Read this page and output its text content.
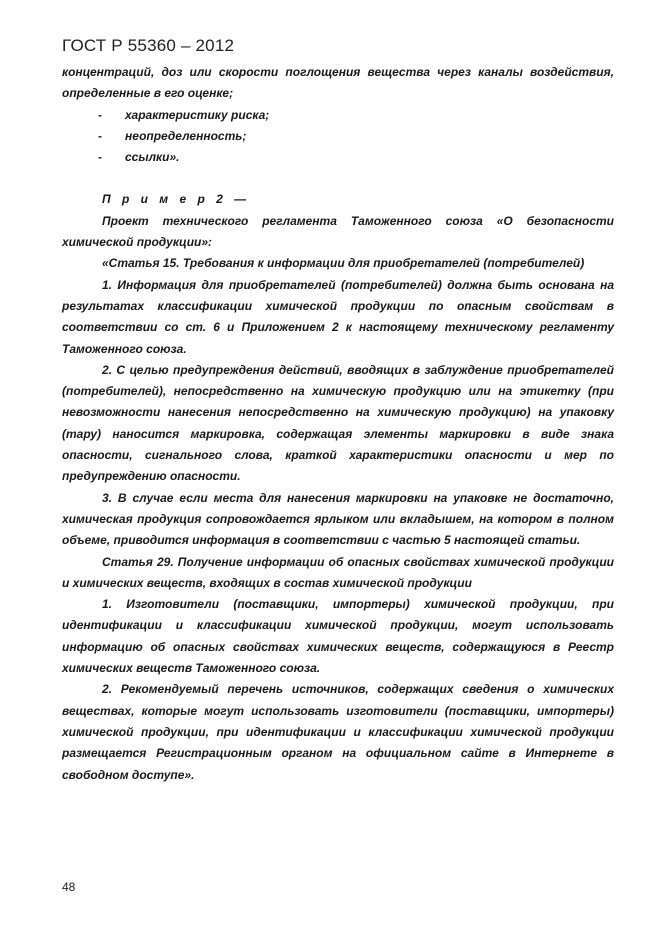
ГОСТ Р 55360 – 2012

концентраций, доз или скорости поглощения вещества через каналы воздействия, определенные в его оценке;

-	характеристику риска;
-	неопределенность;
-	ссылки».

П р и м е р 2 —

Проект технического регламента Таможенного союза «О безопасности химической продукции»:

«Статья 15. Требования к информации для приобретателей (потребителей)

1. Информация для приобретателей (потребителей) должна быть основана на результатах классификации химической продукции по опасным свойствам в соответствии со ст. 6 и Приложением 2 к настоящему техническому регламенту Таможенного союза.

2. С целью предупреждения действий, вводящих в заблуждение приобретателей (потребителей), непосредственно на химическую продукцию или на этикетку (при невозможности нанесения непосредственно на химическую продукцию) на упаковку (тару) наносится маркировка, содержащая элементы маркировки в виде знака опасности, сигнального слова, краткой характеристики опасности и мер по предупреждению опасности.

3. В случае если места для нанесения маркировки на упаковке не достаточно, химическая продукция сопровождается ярлыком или вкладышем, на котором в полном объеме, приводится информация в соответствии с частью 5 настоящей статьи.

Статья 29. Получение информации об опасных свойствах химической продукции и химических веществ, входящих в состав химической продукции

1. Изготовители (поставщики, импортеры) химической продукции, при идентификации и классификации химической продукции, могут использовать информацию об опасных свойствах химических веществ, содержащуюся в Реестр химических веществ Таможенного союза.

2. Рекомендуемый перечень источников, содержащих сведения о химических веществах, которые могут использовать изготовители (поставщики, импортеры) химической продукции, при идентификации и классификации химической продукции размещается Регистрационным органом на официальном сайте в Интернете в свободном доступе».

48
